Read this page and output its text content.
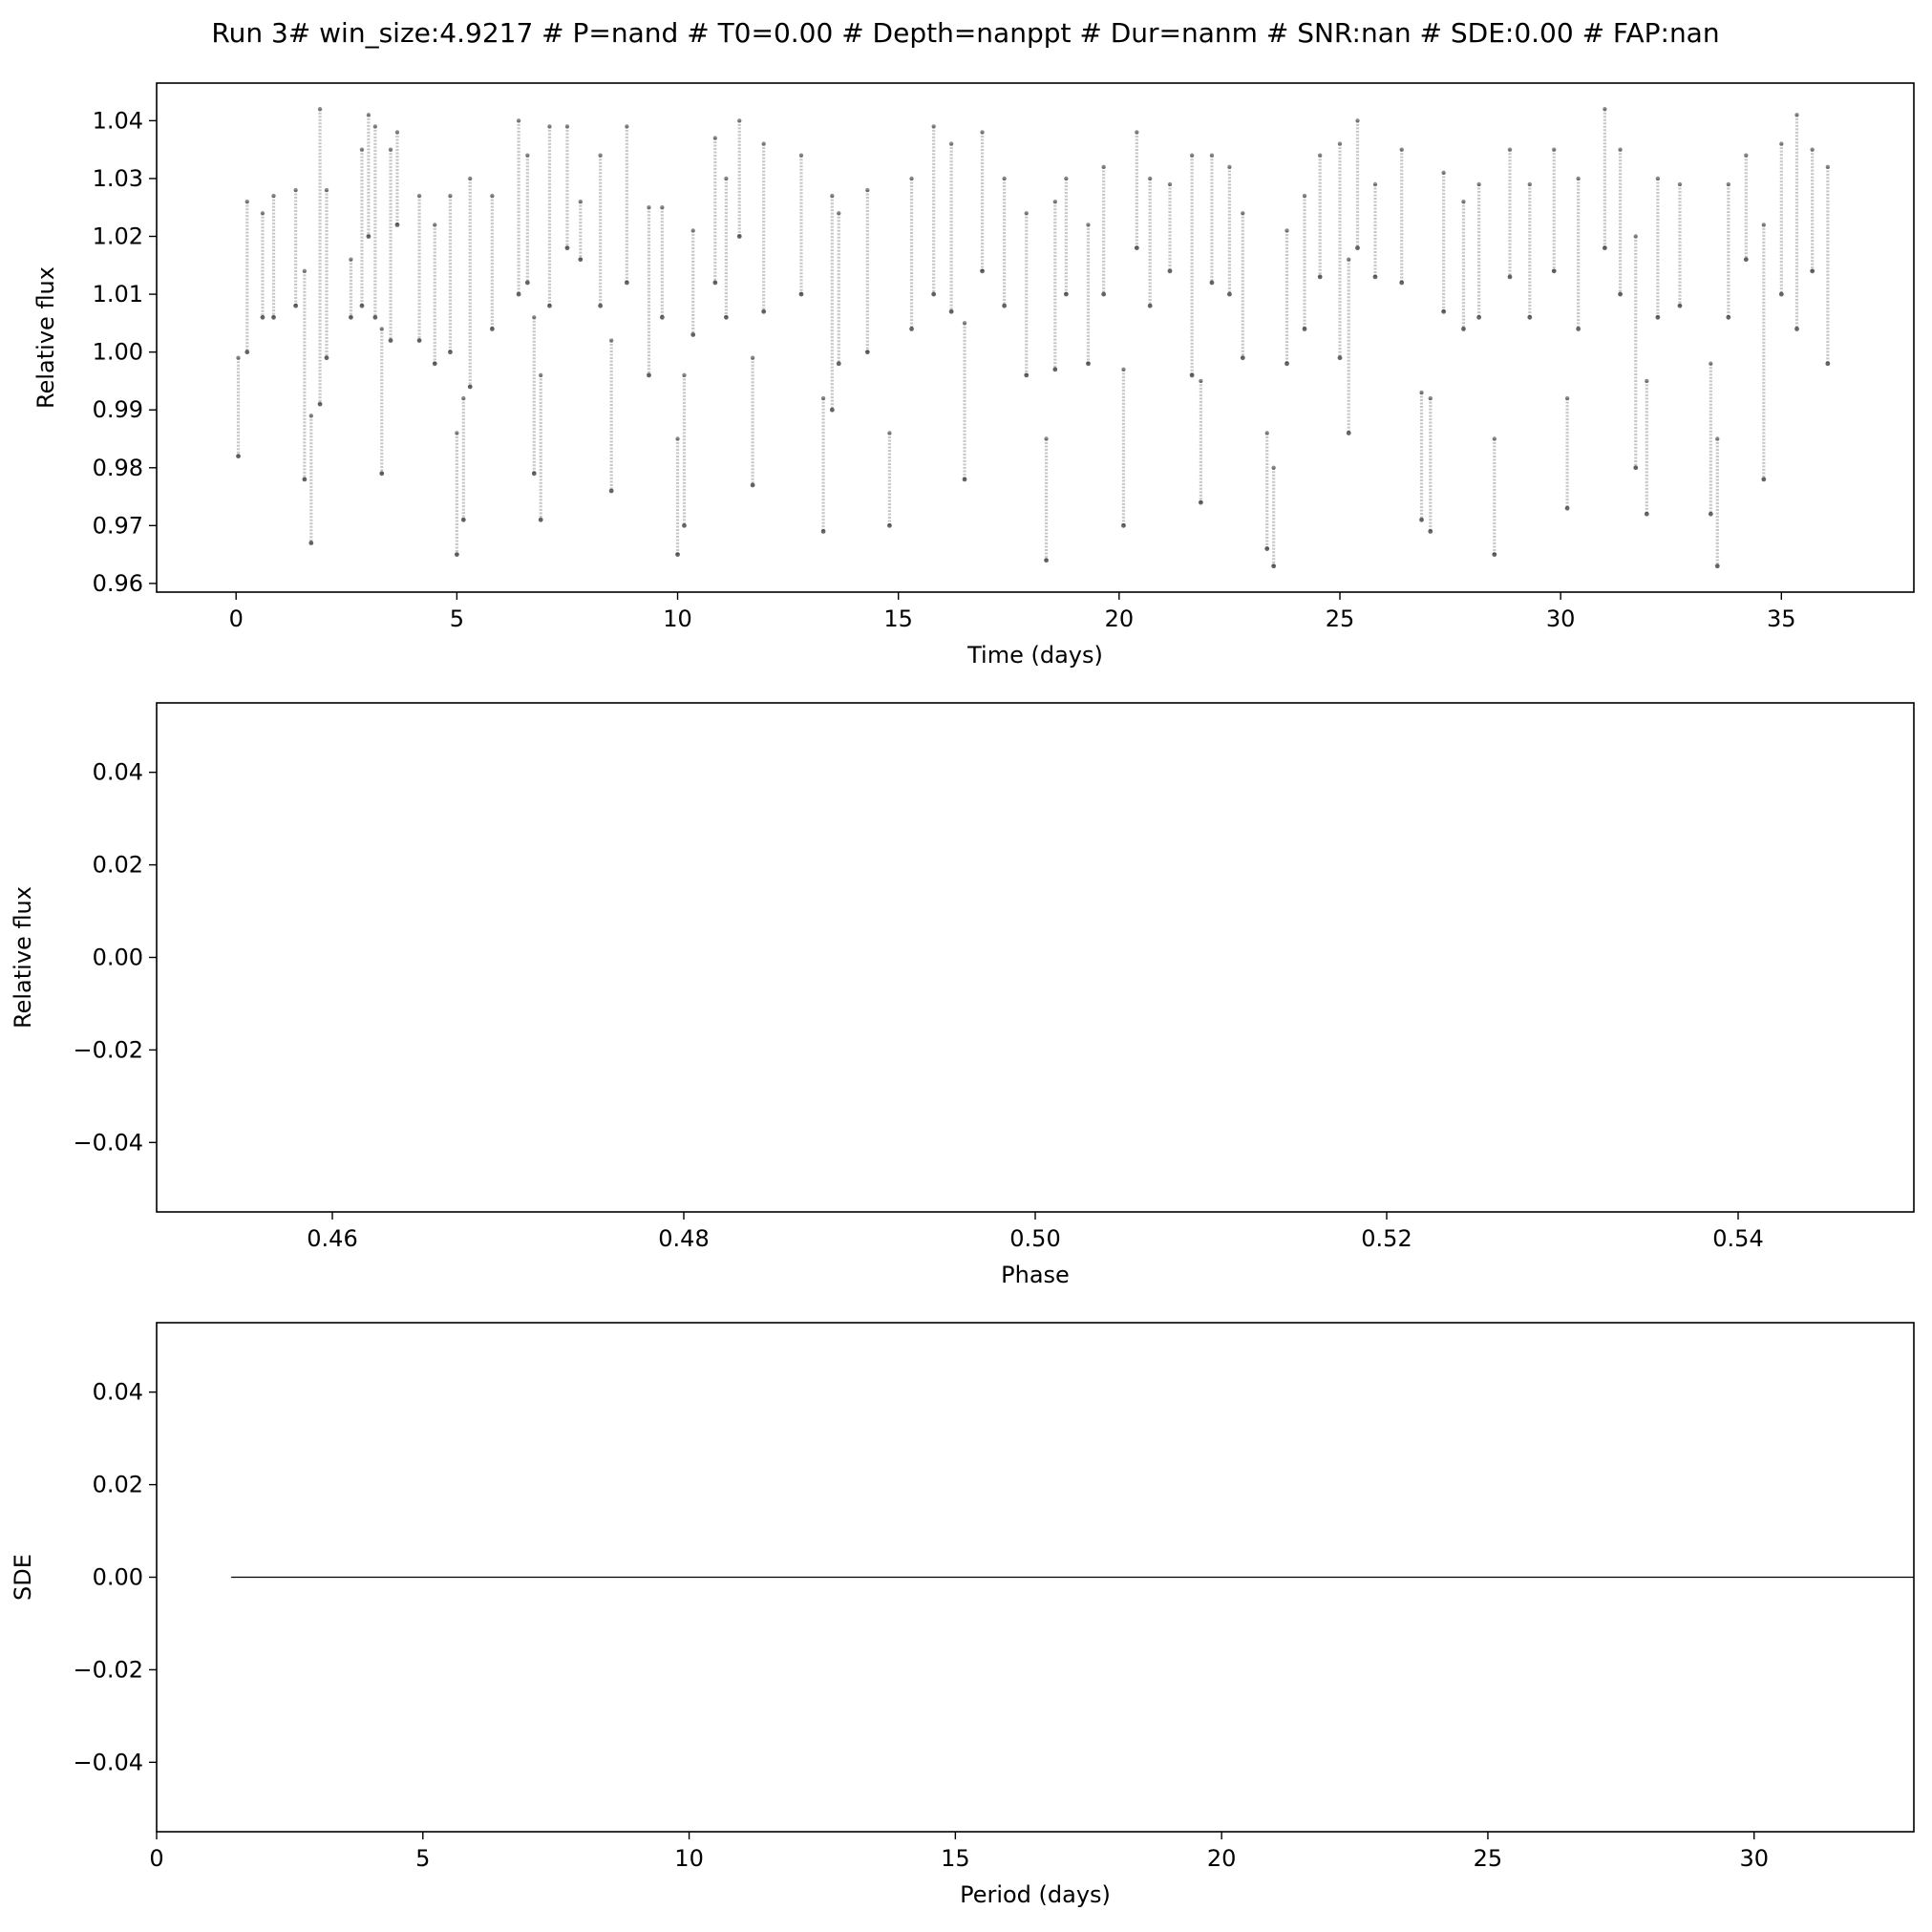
Run 3# win_size:4.9217 # P=nand # T0=0.00 # Depth=nanppt # Dur=nanm # SNR:nan # SDE:0.00 # FAP:nan
0	5	10	15	20	25	30	35
0.96
0.97
0.98
0.99
1.00
1.01
1.02
1.03
1.04
Time (days)
Relative flux
0.46	0.48	0.50	0.52	0.54
−0.04
−0.02
0.00
0.02
0.04
Phase
Relative flux
0	5	10	15	20	25	30
−0.04
−0.02
0.00
0.02
0.04
Period (days)
SDE
